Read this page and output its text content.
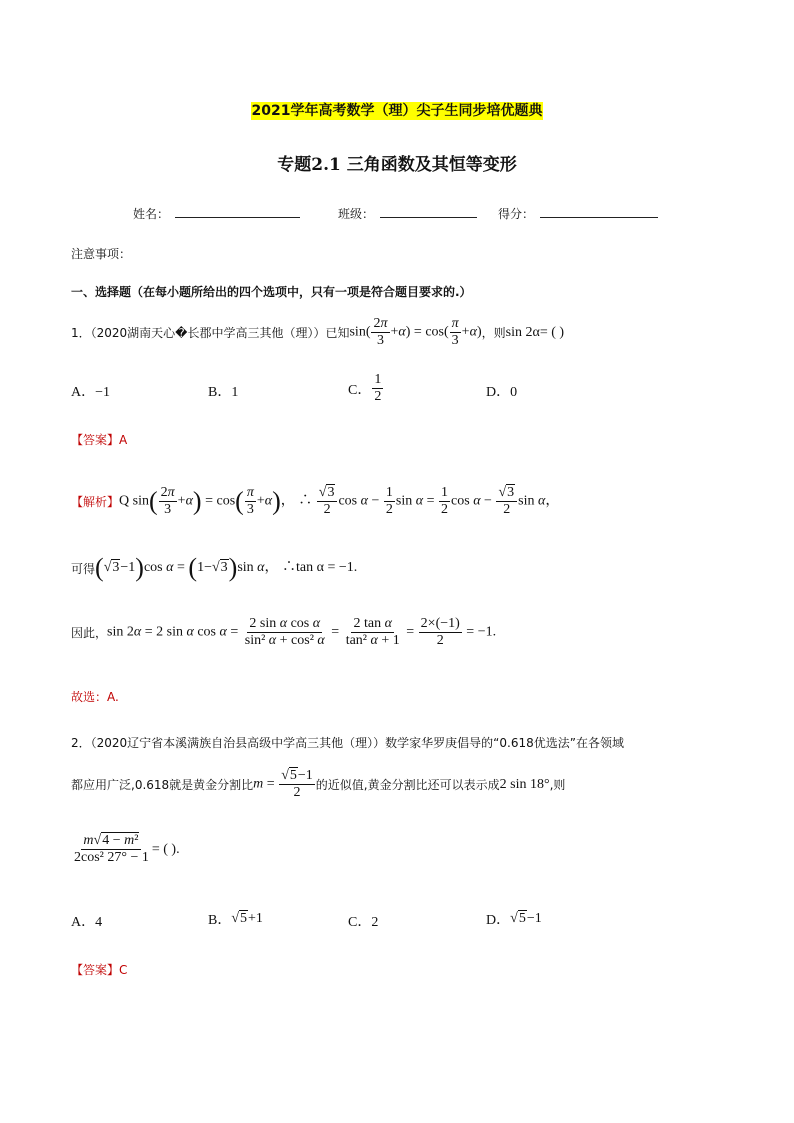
2021学年高考数学（理）尖子生同步培优题典
专题2.1 三角函数及其恒等变形
姓名：	班级：	得分：
注意事项：
一、选择题（在每小题所给出的四个选项中，只有一项是符合题目要求的.）
1．（2020湖南天心�长郡中学高三其他（理））已知 $\sin( \frac{2\pi}{3} +\alpha) = \cos( \frac{\pi}{3} +\alpha)$ ，则 sin 2α = ( )
A．−1	B．1	C． $\frac{1}{2}$	D．0
【答案】A
【解析】 Q $\sin( \frac{2\pi}{3} +\alpha) = \cos( \frac{\pi}{3} +\alpha)$， ∴ $\frac{√3}{2}$ $\cos \alpha - \frac{1}{2}$ $\sin \alpha = \frac{1}{2}$ $\cos \alpha - \frac{√3}{2}$ sin α，
可得 (√3−1)cos α = (1−√3)sin α， ∴ tan α = −1 .
因此， sin 2α = 2 sin α $\cos \alpha = \frac{\text{2 sin α cos α}}{\text{sin² α + cos² α}} = \frac{\text{2 tan α}}{\text{tan² α + 1}} = \frac{2\times(-1)}{2} = -1$.
故选：A.
2．（2020辽宁省本溪满族自治县高级中学高三其他（理））数学家华罗庚倡导的“0.618优选法”在各领域
都应用广泛,0.618就是黄金分割比 $m = \frac{√5-1}{2}$ 的近似值,黄金分割比还可以表示成 2 sin 18° ,则
$\frac{\text{m√4 − m²}}{\text{2cos² 27° − 1}}$ = ( ).
A．4	B． √5+1	C．2	D． √5−1
【答案】C
